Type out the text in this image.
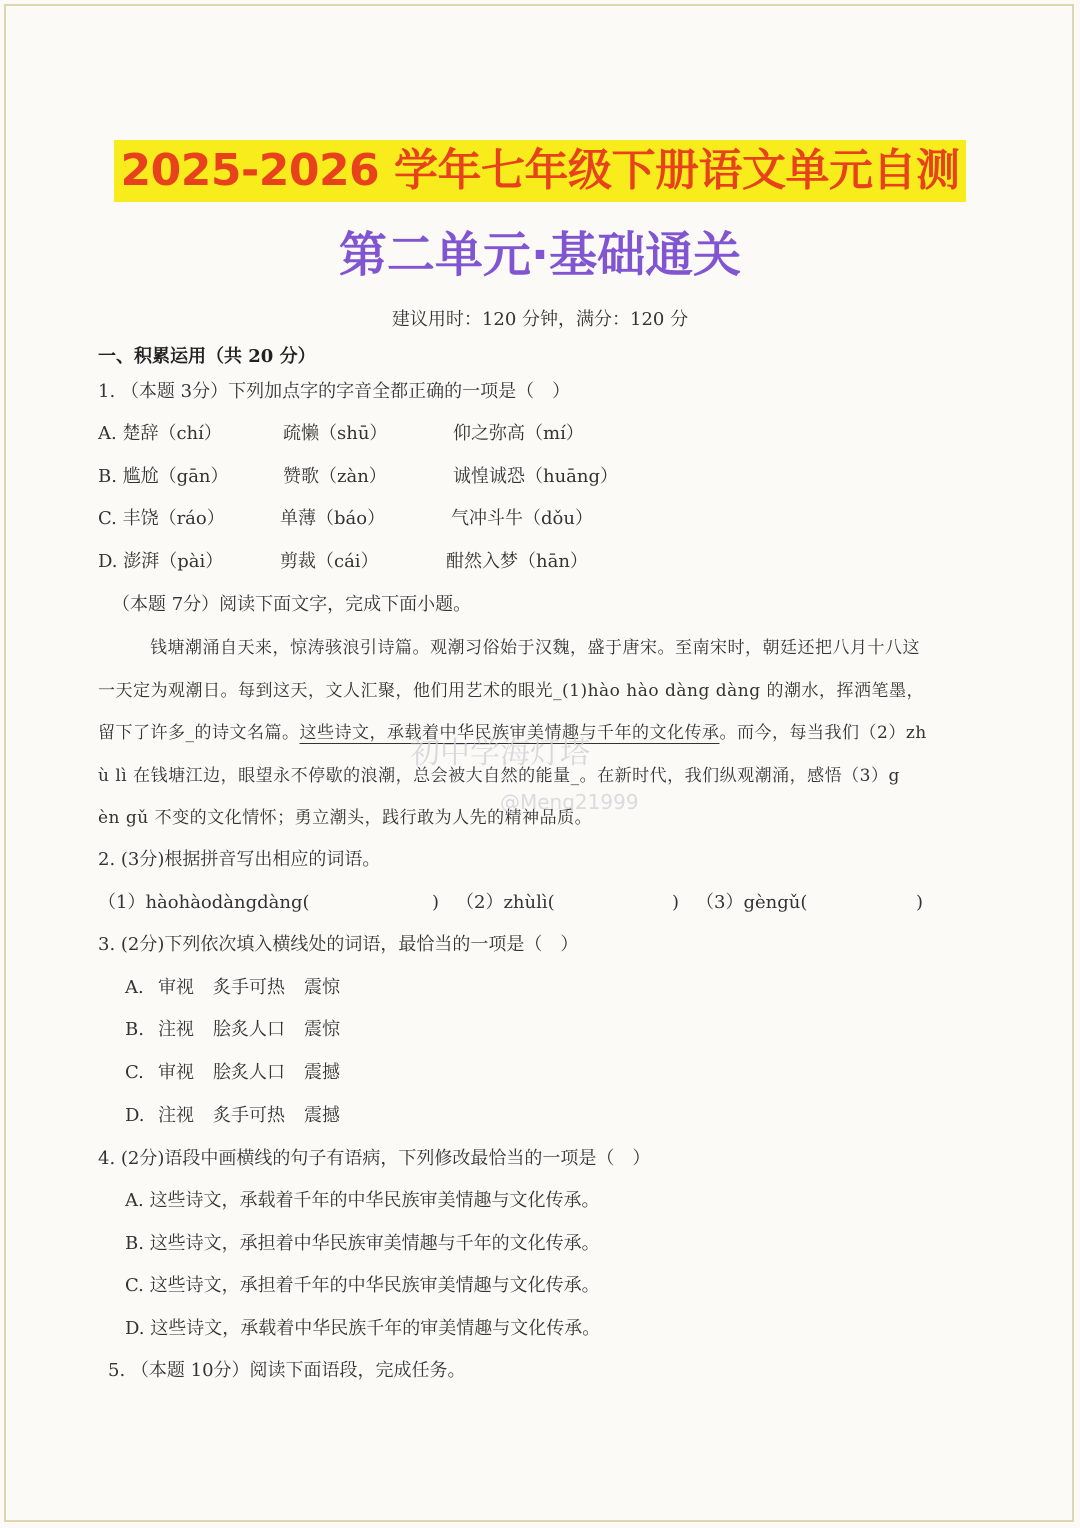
2025-2026 学年七年级下册语文单元自测
第二单元·基础通关
建议用时：120 分钟，满分：120 分
一、积累运用（共 20 分）
1. （本题 3分）下列加点字的字音全都正确的一项是（　）
A. 楚辞（chí）	疏懒（shū）	仰之弥高（mí）
B. 尴尬（gān）	赞歌（zàn）	诚惶诚恐（huāng）
C. 丰饶（ráo）	单薄（báo）	气冲斗牛（dǒu）
D. 澎湃（pài）	剪裁（cái）	酣然入梦（hān）
（本题 7分）阅读下面文字，完成下面小题。
钱塘潮涌自天来，惊涛骇浪引诗篇。观潮习俗始于汉魏，盛于唐宋。至南宋时，朝廷还把八月十八这
一天定为观潮日。每到这天，文人汇聚，他们用艺术的眼光_(1)hào hào dàng dàng 的潮水，挥洒笔墨，
留下了许多_的诗文名篇。这些诗文，承载着中华民族审美情趣与千年的文化传承。而今，每当我们（2）zh
ù lì 在钱塘江边，眼望永不停歇的浪潮，总会被大自然的能量_。在新时代，我们纵观潮涌，感悟（3）g
èn gǔ 不变的文化情怀；勇立潮头，践行敢为人先的精神品质。
初中学海灯塔
@Meng21999
2. (3分)根据拼音写出相应的词语。
（1）hàohàodàngdàng(	) （2）zhùlì(	) （3）gèngǔ(	)
3. (2分)下列依次填入横线处的词语，最恰当的一项是（　）
A. 审视 炙手可热 震惊
B. 注视 脍炙人口 震惊
C. 审视 脍炙人口 震撼
D. 注视 炙手可热 震撼
4. (2分)语段中画横线的句子有语病，下列修改最恰当的一项是（　）
A. 这些诗文，承载着千年的中华民族审美情趣与文化传承。
B. 这些诗文，承担着中华民族审美情趣与千年的文化传承。
C. 这些诗文，承担着千年的中华民族审美情趣与文化传承。
D. 这些诗文，承载着中华民族千年的审美情趣与文化传承。
5. （本题 10分）阅读下面语段，完成任务。
